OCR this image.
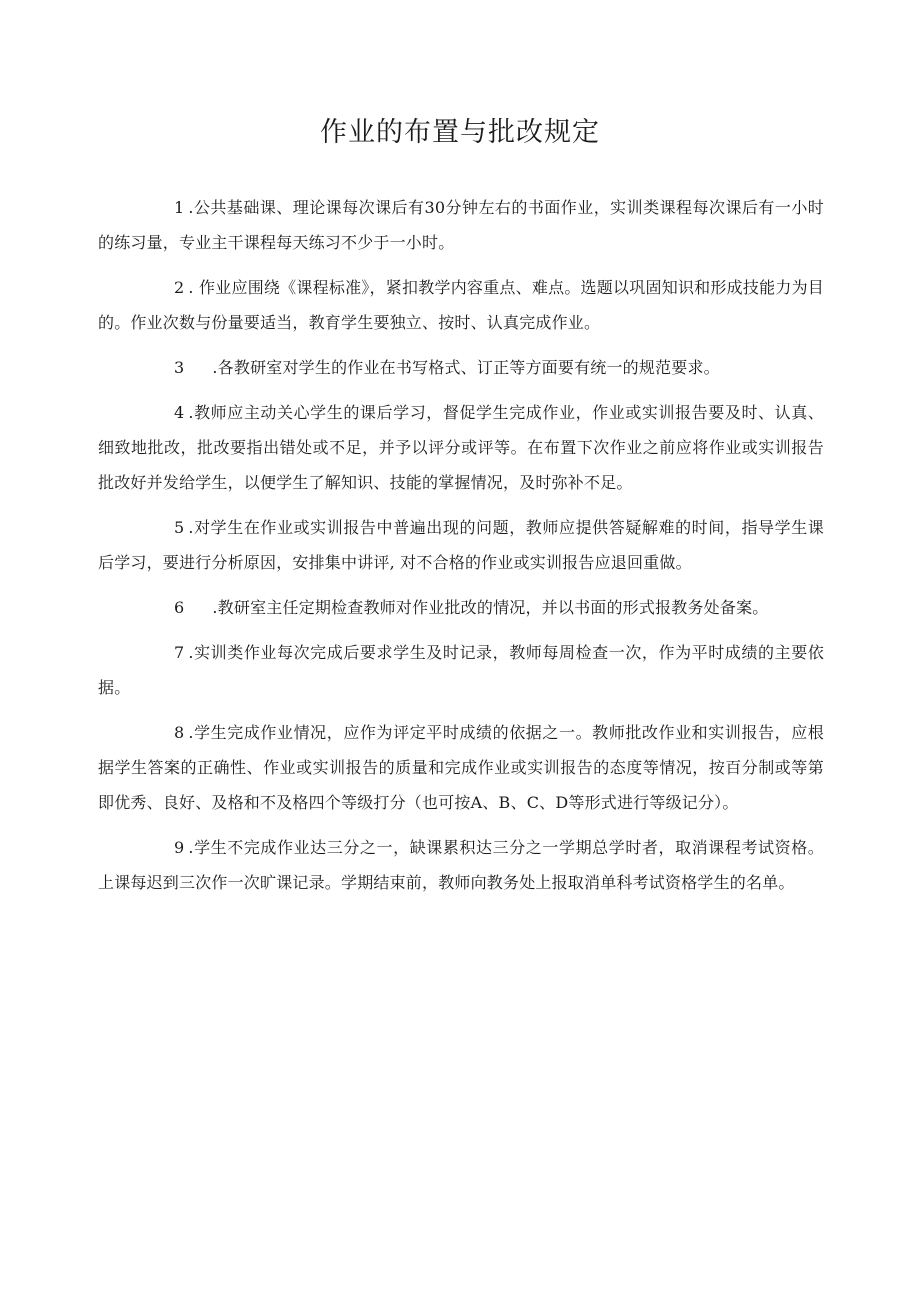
作业的布置与批改规定

1 .公共基础课、理论课每次课后有30分钟左右的书面作业，实训类课程每次课后有一小时的练习量，专业主干课程每天练习不少于一小时。

2 . 作业应围绕《课程标准》，紧扣教学内容重点、难点。选题以巩固知识和形成技能力为目的。作业次数与份量要适当，教育学生要独立、按时、认真完成作业。

3 .各教研室对学生的作业在书写格式、订正等方面要有统一的规范要求。

4 .教师应主动关心学生的课后学习，督促学生完成作业，作业或实训报告要及时、认真、细致地批改，批改要指出错处或不足，并予以评分或评等。在布置下次作业之前应将作业或实训报告批改好并发给学生，以便学生了解知识、技能的掌握情况，及时弥补不足。

5 .对学生在作业或实训报告中普遍出现的问题，教师应提供答疑解难的时间，指导学生课后学习，要进行分析原因，安排集中讲评, 对不合格的作业或实训报告应退回重做。

6 .教研室主任定期检查教师对作业批改的情况，并以书面的形式报教务处备案。

7 .实训类作业每次完成后要求学生及时记录，教师每周检查一次，作为平时成绩的主要依据。

8 .学生完成作业情况，应作为评定平时成绩的依据之一。教师批改作业和实训报告，应根据学生答案的正确性、作业或实训报告的质量和完成作业或实训报告的态度等情况，按百分制或等第即优秀、良好、及格和不及格四个等级打分（也可按A、B、C、D等形式进行等级记分）。

9 .学生不完成作业达三分之一，缺课累积达三分之一学期总学时者，取消课程考试资格。上课每迟到三次作一次旷课记录。学期结束前，教师向教务处上报取消单科考试资格学生的名单。
